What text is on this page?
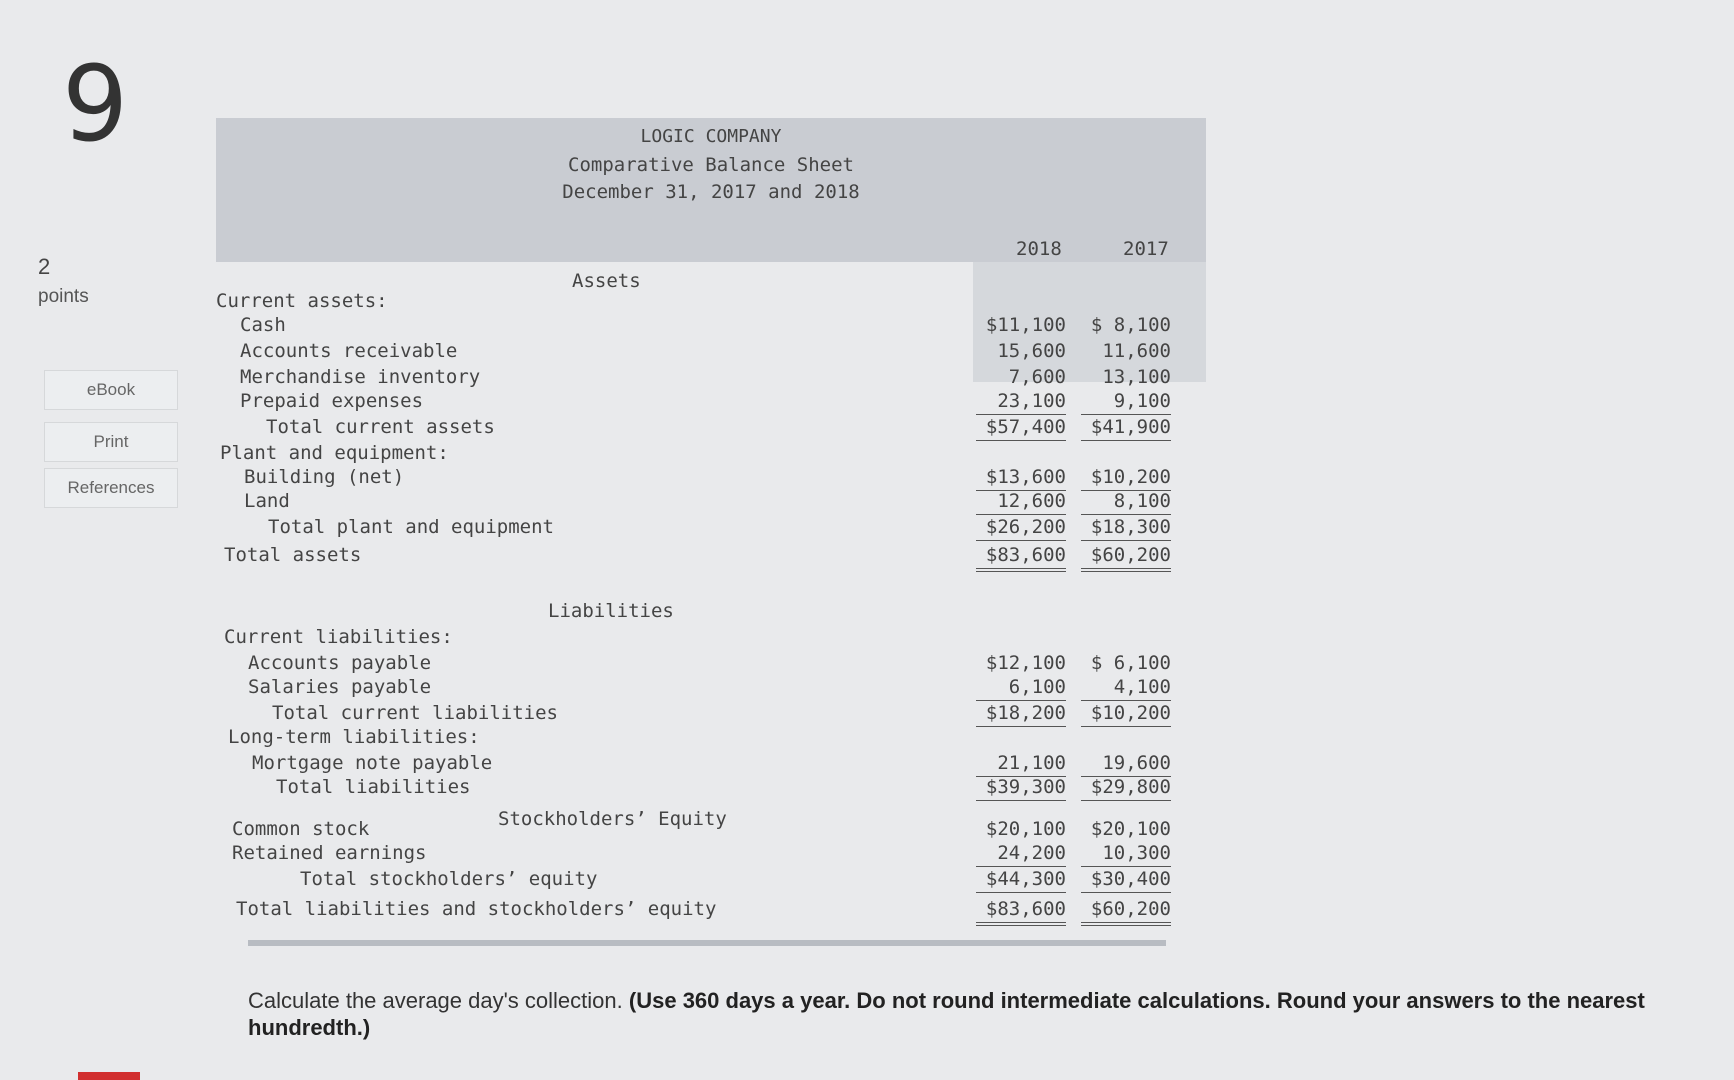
9
2
points
eBook
Print
References
LOGIC COMPANY
Comparative Balance Sheet
December 31, 2017 and 2018
2018	2017
Assets
Liabilities
Stockholders’ Equity
Current assets:
Cash	$11,100	$ 8,100
Accounts receivable	15,600	11,600
Merchandise inventory	7,600	13,100
Prepaid expenses	23,100	9,100
Total current assets	$57,400	$41,900
Plant and equipment:
Building (net)	$13,600	$10,200
Land	12,600	8,100
Total plant and equipment	$26,200	$18,300
Total assets	$83,600	$60,200
Current liabilities:
Accounts payable	$12,100	$ 6,100
Salaries payable	6,100	4,100
Total current liabilities	$18,200	$10,200
Long-term liabilities:
Mortgage note payable	21,100	19,600
Total liabilities	$39,300	$29,800
Common stock	$20,100	$20,100
Retained earnings	24,200	10,300
Total stockholders’ equity	$44,300	$30,400
Total liabilities and stockholders’ equity	$83,600	$60,200
Calculate the average day's collection. (Use 360 days a year. Do not round intermediate calculations. Round your answers to the nearest hundredth.)
